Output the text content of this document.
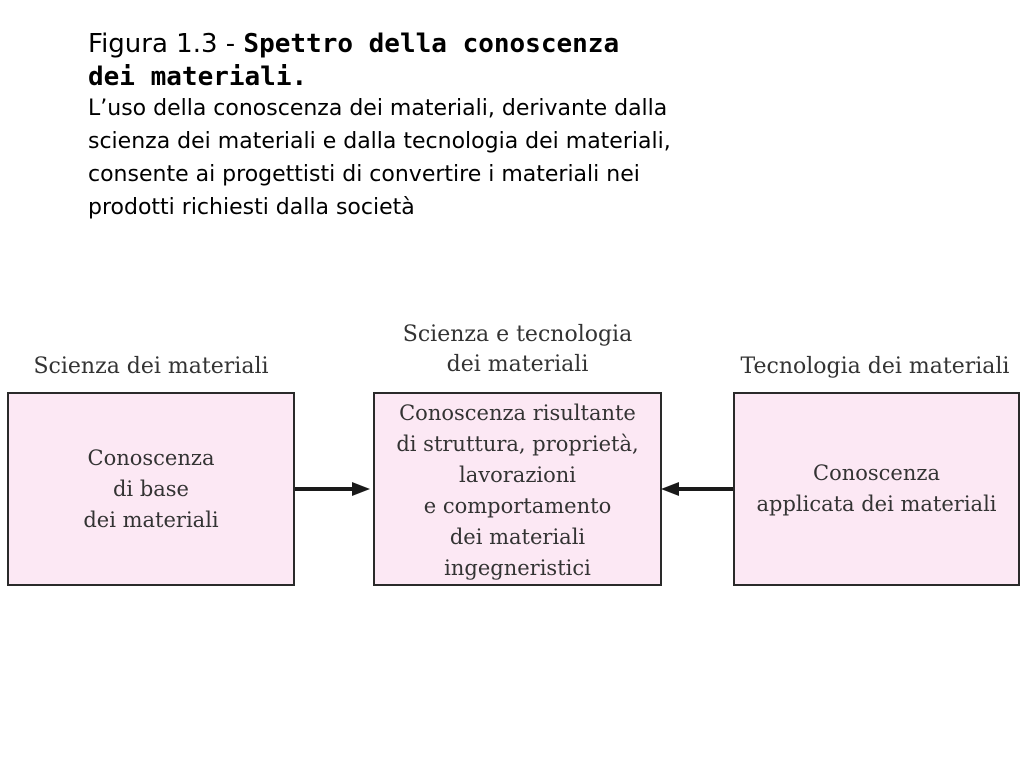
Figura 1.3 - Spettro della conoscenza
dei materiali.
L’uso della conoscenza dei materiali, derivante dalla
scienza dei materiali e dalla tecnologia dei materiali,
consente ai progettisti di convertire i materiali nei
prodotti richiesti dalla società
Scienza dei materiali
Scienza e tecnologia
dei materiali	Tecnologia dei materiali
Conoscenza
di base
dei materiali
Conoscenza risultante
di struttura, proprietà,
lavorazioni
e comportamento
dei materiali
ingegneristici
Conoscenza
applicata dei materiali
